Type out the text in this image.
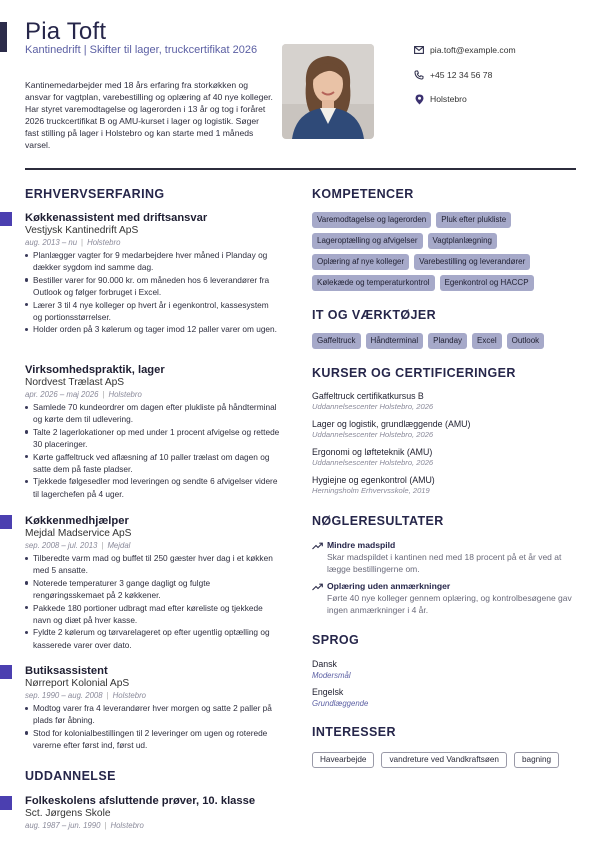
Pia Toft
Kantinedrift | Skifter til lager, truckcertifikat 2026

Kantinemedarbejder med 18 års erfaring fra storkøkken og ansvar for vagtplan, varebestilling og oplæring af 40 nye kolleger. Har styret varemodtagelse og lagerorden i 13 år og tog i foråret 2026 truckcertifikat B og AMU-kurset i lager og logistik. Søger fast stilling på lager i Holstebro og kan starte med 1 måneds varsel.

pia.toft@example.com
+45 12 34 56 78
Holstebro
ERHVERVSERFARING
Køkkenassistent med driftsansvar
Vestjysk Kantinedrift ApS
aug. 2013 – nu | Holstebro
Planlægger vagter for 9 medarbejdere hver måned i Planday og dækker sygdom ind samme dag.
Bestiller varer for 90.000 kr. om måneden hos 6 leverandører fra Outlook og følger forbruget i Excel.
Lærer 3 til 4 nye kolleger op hvert år i egenkontrol, kassesystem og portionsstørrelser.
Holder orden på 3 kølerum og tager imod 12 paller varer om ugen.
Virksomhedspraktik, lager
Nordvest Trælast ApS
apr. 2026 – maj 2026 | Holstebro
Samlede 70 kundeordrer om dagen efter plukliste på håndterminal og kørte dem til udlevering.
Talte 2 lagerlokationer op med under 1 procent afvigelse og rettede 30 placeringer.
Kørte gaffeltruck ved aflæsning af 10 paller trælast om dagen og satte dem på faste pladser.
Tjekkede følgesedler mod leveringen og sendte 6 afvigelser videre til lagerchefen på 4 uger.
Køkkenmedhjælper
Mejdal Madservice ApS
sep. 2008 – jul. 2013 | Mejdal
Tilberedte varm mad og buffet til 250 gæster hver dag i et køkken med 5 ansatte.
Noterede temperaturer 3 gange dagligt og fulgte rengøringsskemaet på 2 køkkener.
Pakkede 180 portioner udbragt mad efter køreliste og tjekkede navn og diæt på hver kasse.
Fyldte 2 kølerum og tørvarelageret op efter ugentlig optælling og kasserede varer over dato.
Butiksassistent
Nørreport Kolonial ApS
sep. 1990 – aug. 2008 | Holstebro
Modtog varer fra 4 leverandører hver morgen og satte 2 paller på plads før åbning.
Stod for kolonialbestillingen til 2 leveringer om ugen og roterede varerne efter først ind, først ud.
UDDANNELSE
Folkeskolens afsluttende prøver, 10. klasse
Sct. Jørgens Skole
aug. 1987 – jun. 1990 | Holstebro
KOMPETENCER
Varemodtagelse og lagerorden	Pluk efter plukliste
Lageroptælling og afvigelser	Vagtplanlægning
Oplæring af nye kolleger	Varebestilling og leverandører
Kølekæde og temperaturkontrol	Egenkontrol og HACCP
IT OG VÆRKTØJER
Gaffeltruck	Håndterminal	Planday	Excel	Outlook
KURSER OG CERTIFICERINGER
Gaffeltruck certifikatkursus B
Uddannelsescenter Holstebro, 2026
Lager og logistik, grundlæggende (AMU)
Uddannelsescenter Holstebro, 2026
Ergonomi og løfteteknik (AMU)
Uddannelsescenter Holstebro, 2026
Hygiejne og egenkontrol (AMU)
Herningsholm Erhvervsskole, 2019
NØGLERESULTATER
Mindre madspild
Skar madspildet i kantinen ned med 18 procent på et år ved at lægge bestillingerne om.
Oplæring uden anmærkninger
Førte 40 nye kolleger gennem oplæring, og kontrolbesøgene gav ingen anmærkninger i 4 år.
SPROG
Dansk
Modersmål
Engelsk
Grundlæggende
INTERESSER
Havearbejde	vandreture ved Vandkraftsøen	bagning
